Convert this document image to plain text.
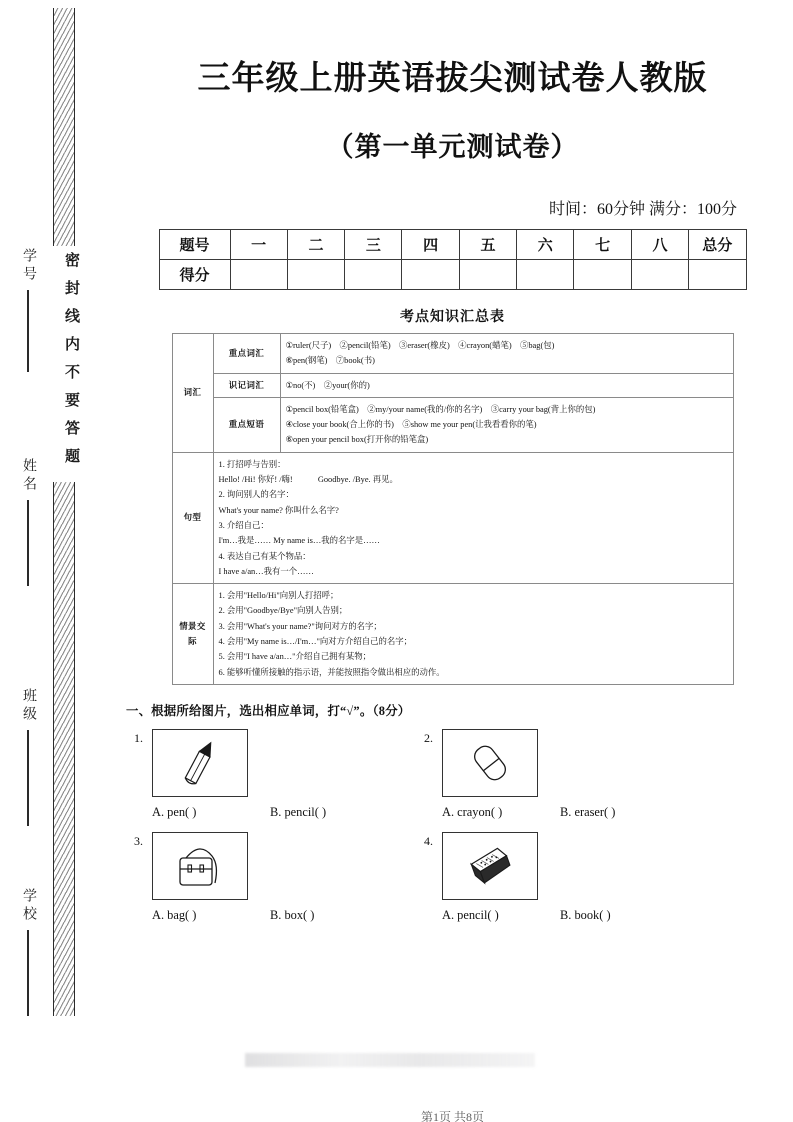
密封线内不要答题
学号
姓名
班级
学校
三年级上册英语拔尖测试卷人教版
（第一单元测试卷）

时间：60分钟 满分：100分

题号	一	二	三	四	五	六	七	八	总分
得分									
考点知识汇总表
词汇	重点词汇	①ruler(尺子)　②pencil(铅笔)　③eraser(橡皮)　④crayon(蜡笔)　⑤bag(包)
⑥pen(钢笔)　⑦book(书)

	识记词汇	①no(不)　②your(你的)

	重点短语	①pencil box(铅笔盒)　②my/your name(我的/你的名字)　③carry your bag(背上你的包)
④close your book(合上你的书)　⑤show me your pen(让我看看你的笔)
⑥open your pencil box(打开你的铅笔盒)

句型	
1. 打招呼与告别：
Hello! /Hi! 你好! /嗨!　　　Goodbye. /Bye. 再见。
2. 询问别人的名字：
What's your name? 你叫什么名字?
3. 介绍自己：
I'm…我是…… My name is…我的名字是……
4. 表达自己有某个物品：
I have a/an…我有一个……

情景交际	
1. 会用"Hello/Hi"向别人打招呼；
2. 会用"Goodbye/Bye"向别人告别；
3. 会用"What's your name?"询问对方的名字；
4. 会用"My name is…/I'm…"向对方介绍自己的名字；
5. 会用"I have a/an…"介绍自己拥有某物；
6. 能够听懂所接触的指示语，并能按照指令做出相应的动作。

一、根据所给图片，选出相应单词，打“√”。（8分）

1.
A. pen( )	B. pencil( )
2.
A. crayon( )	B. eraser( )
3.
A. bag( )	B. box( )
4.
A. pencil( )	B. book( )
第1页 共8页
